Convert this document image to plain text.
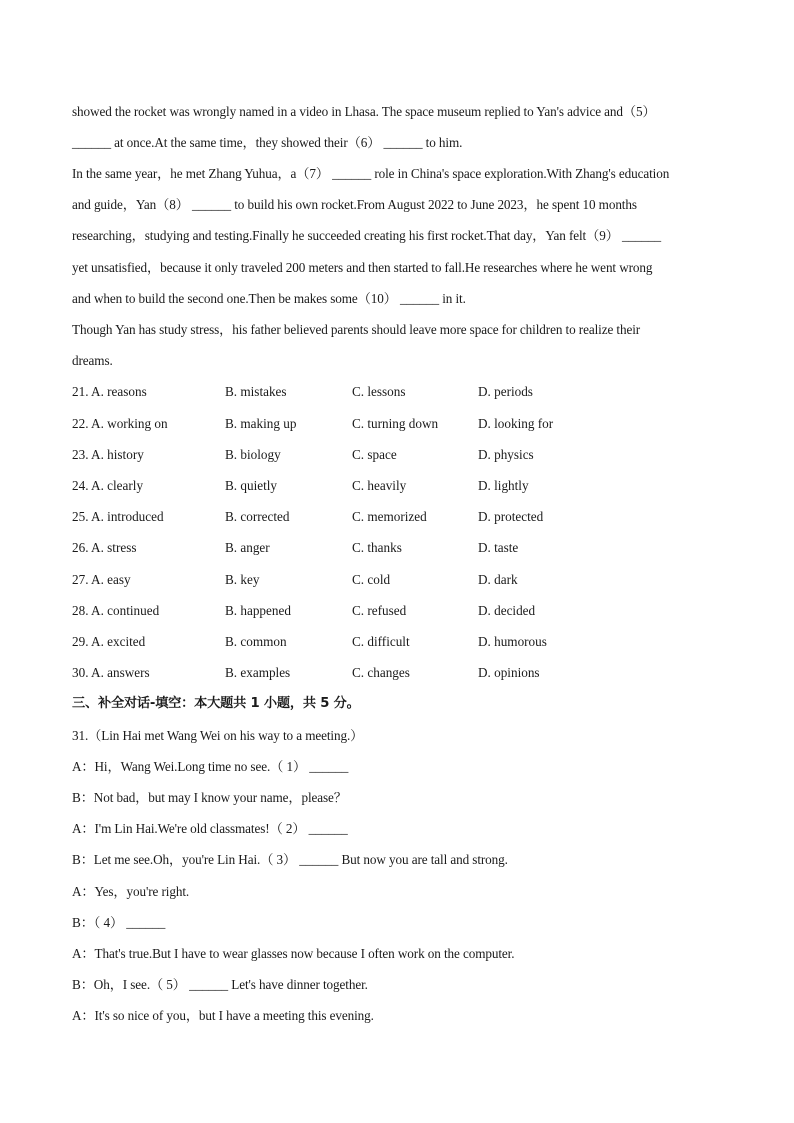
showed the rocket was wrongly named in a video in Lhasa. The space museum replied to Yan's advice and（5）
______ at once.At the same time，they showed their（6） ______ to him.
In the same year，he met Zhang Yuhua，a（7） ______ role in China's space exploration.With Zhang's education
and guide，Yan（8） ______ to build his own rocket.From August 2022 to June 2023，he spent 10 months
researching，studying and testing.Finally he succeeded creating his first rocket.That day，Yan felt（9） ______
yet unsatisfied，because it only traveled 200 meters and then started to fall.He researches where he went wrong
and when to build the second one.Then be makes some（10） ______ in it.
Though Yan has study stress，his father believed parents should leave more space for children to realize their
dreams.
21. A. reasons	B. mistakes	C. lessons	D. periods
22. A. working on	B. making up	C. turning down	D. looking for
23. A. history	B. biology	C. space	D. physics
24. A. clearly	B. quietly	C. heavily	D. lightly
25. A. introduced	B. corrected	C. memorized	D. protected
26. A. stress	B. anger	C. thanks	D. taste
27. A. easy	B. key	C. cold	D. dark
28. A. continued	B. happened	C. refused	D. decided
29. A. excited	B. common	C. difficult	D. humorous
30. A. answers	B. examples	C. changes	D. opinions
三、补全对话-填空：本大题共 1 小题，共 5 分。
31.（Lin Hai met Wang Wei on his way to a meeting.）
A：Hi，Wang Wei.Long time no see.（ 1） ______
B：Not bad，but may I know your name，please？
A：I'm Lin Hai.We're old classmates!（ 2） ______
B：Let me see.Oh，you're Lin Hai.（ 3） ______ But now you are tall and strong.
A：Yes，you're right.
B：（ 4） ______
A：That's true.But I have to wear glasses now because I often work on the computer.
B：Oh，I see.（ 5） ______ Let's have dinner together.
A：It's so nice of you，but I have a meeting this evening.
